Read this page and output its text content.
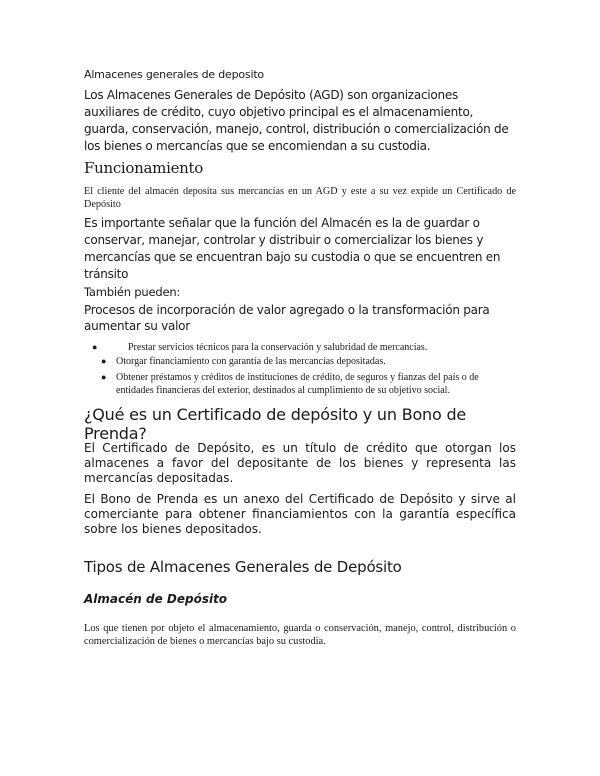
Almacenes generales de deposito

Los Almacenes Generales de Depósito (AGD) son organizaciones auxiliares de crédito, cuyo objetivo principal es el almacenamiento, guarda, conservación, manejo, control, distribución o comercialización de los bienes o mercancías que se encomiendan a su custodia.

Funcionamiento

El cliente del almacén deposita sus mercancías en un AGD y este a su vez expide un Certificado de Depósito

Es importante señalar que la función del Almacén es la de guardar o conservar, manejar, controlar y distribuir o comercializar los bienes y mercancías que se encuentran bajo su custodia o que se encuentren en tránsito

También pueden:

Procesos de incorporación de valor agregado o la transformación para aumentar su valor

●	Prestar servicios técnicos para la conservación y salubridad de mercancías.
● Otorgar financiamiento con garantía de las mercancías depositadas.
● Obtener préstamos y créditos de instituciones de crédito, de seguros y fianzas del país o de entidades financieras del exterior, destinados al cumplimiento de su objetivo social.

¿Qué es un Certificado de depósito y un Bono de Prenda?

El Certificado de Depósito, es un título de crédito que otorgan los almacenes a favor del depositante de los bienes y representa las mercancías depositadas.

El Bono de Prenda es un anexo del Certificado de Depósito y sirve al comerciante para obtener financiamientos con la garantía específica sobre los bienes depositados.

Tipos de Almacenes Generales de Depósito

Almacén de Depósito

Los que tienen por objeto el almacenamiento, guarda o conservación, manejo, control, distribución o comercialización de bienes o mercancías bajo su custodia.
